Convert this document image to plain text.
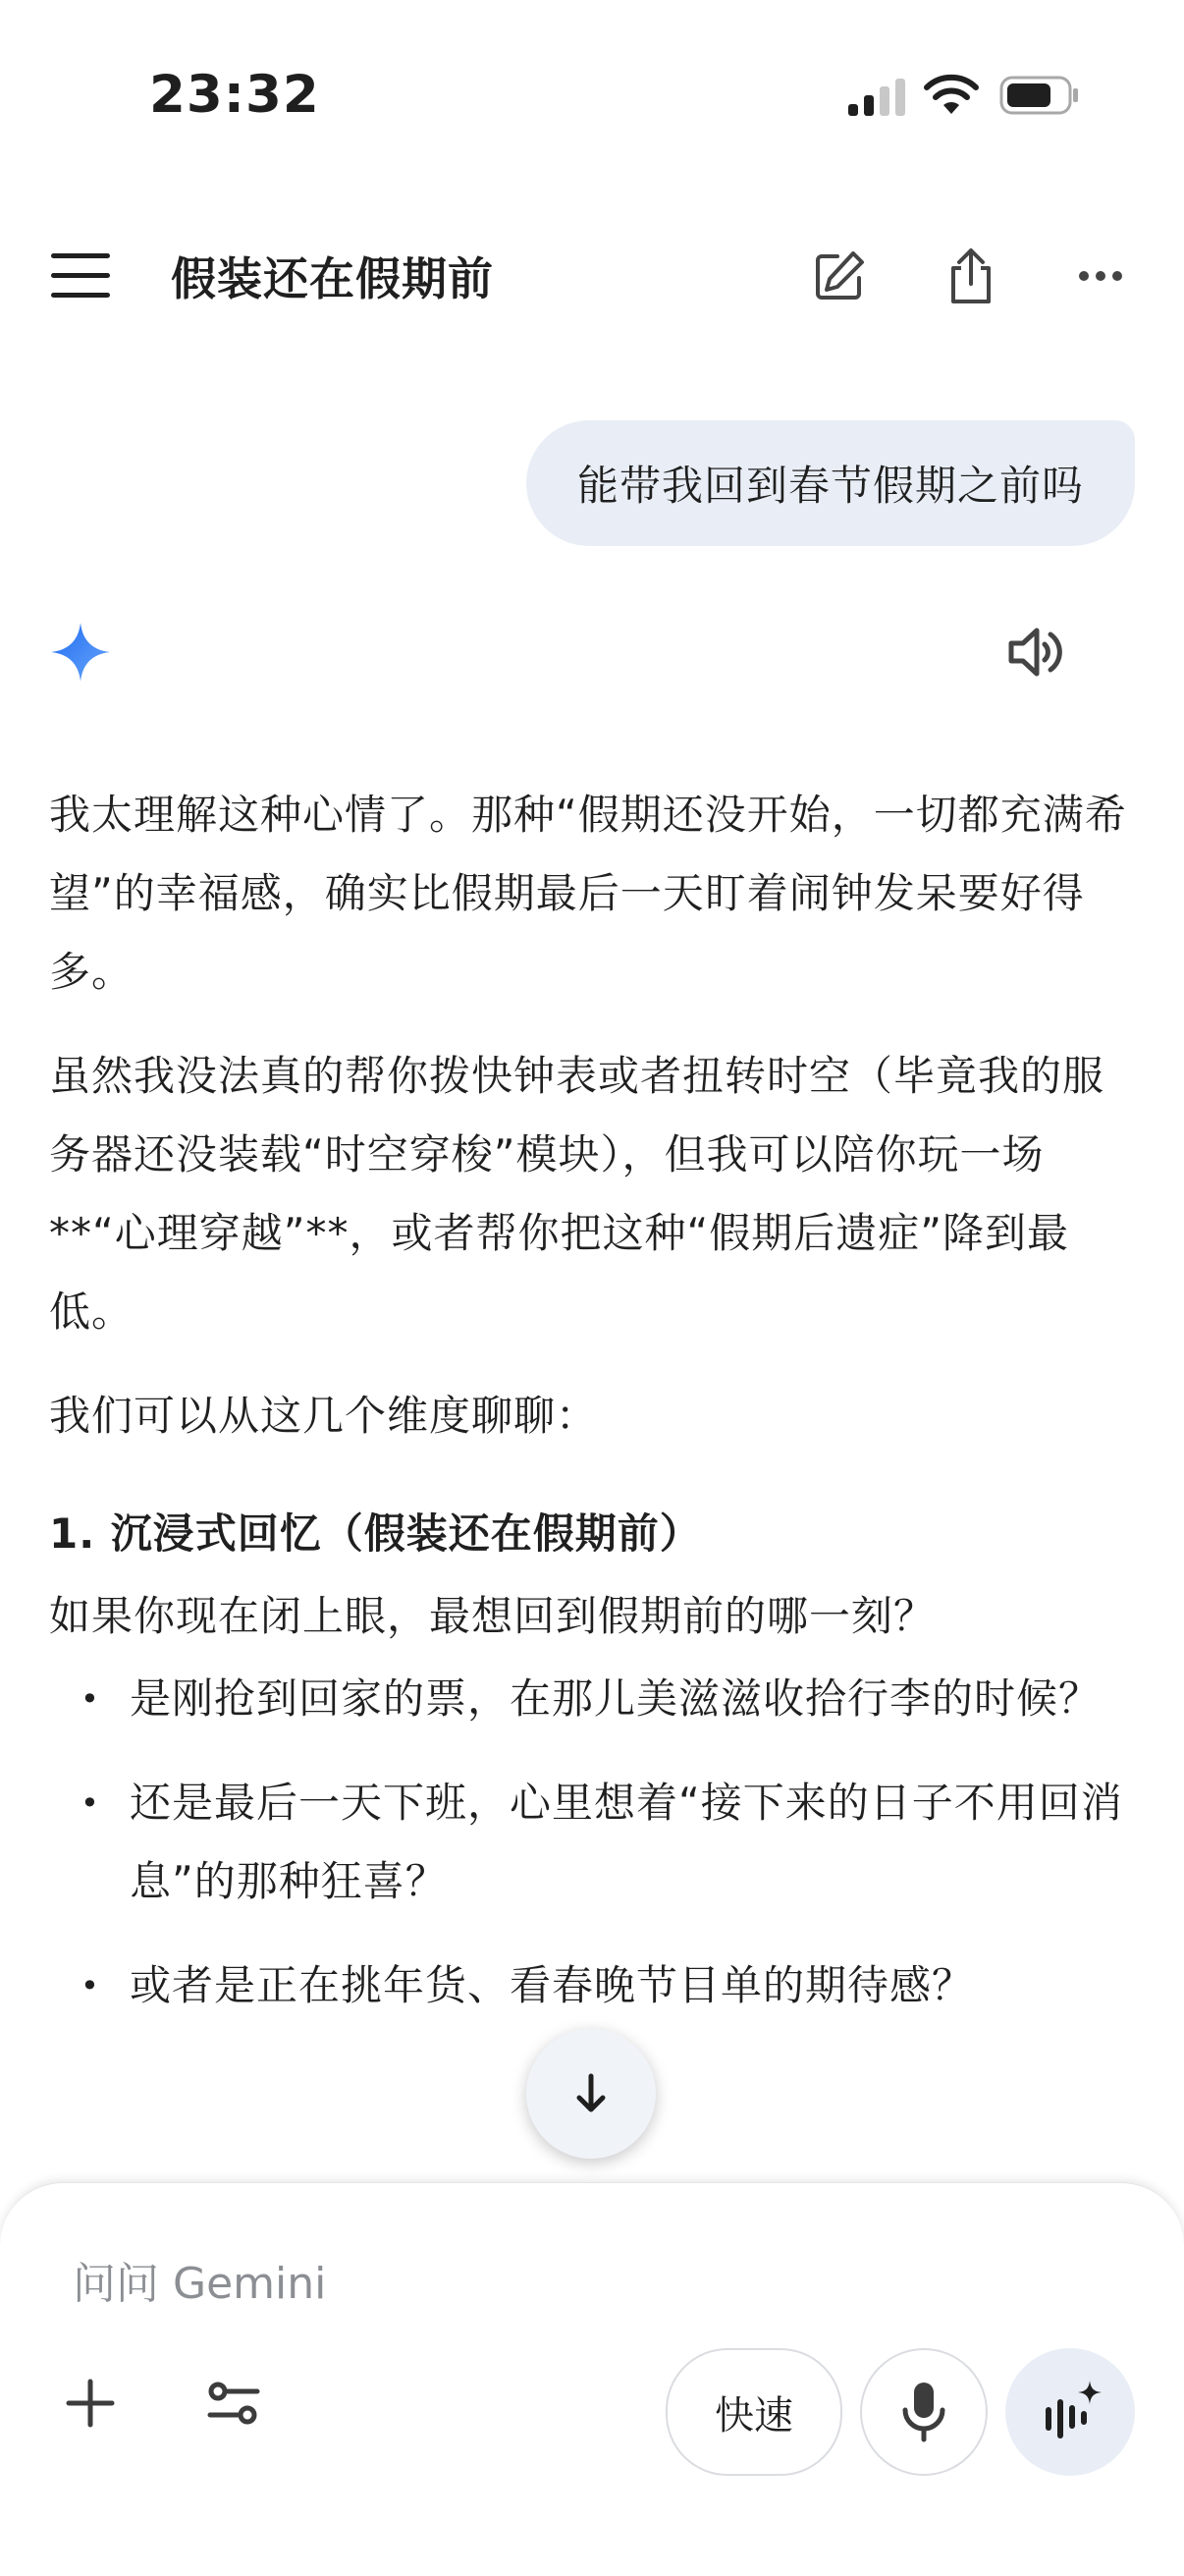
23:32
假装还在假期前
能带我回到春节假期之前吗

我太理解这种心情了。那种“假期还没开始，一切都充满希望”的幸福感，确实比假期最后一天盯着闹钟发呆要好得多。

虽然我没法真的帮你拨快钟表或者扭转时空（毕竟我的服务器还没装载“时空穿梭”模块），但我可以陪你玩一场**“心理穿越”**，或者帮你把这种“假期后遗症”降到最低。

我们可以从这几个维度聊聊：

1. 沉浸式回忆（假装还在假期前）

如果你现在闭上眼，最想回到假期前的哪一刻？

• 是刚抢到回家的票，在那儿美滋滋收拾行李的时候？
• 还是最后一天下班，心里想着“接下来的日子不用回消息”的那种狂喜？
• 或者是正在挑年货、看春晚节目单的期待感？
问问 Gemini
快速
